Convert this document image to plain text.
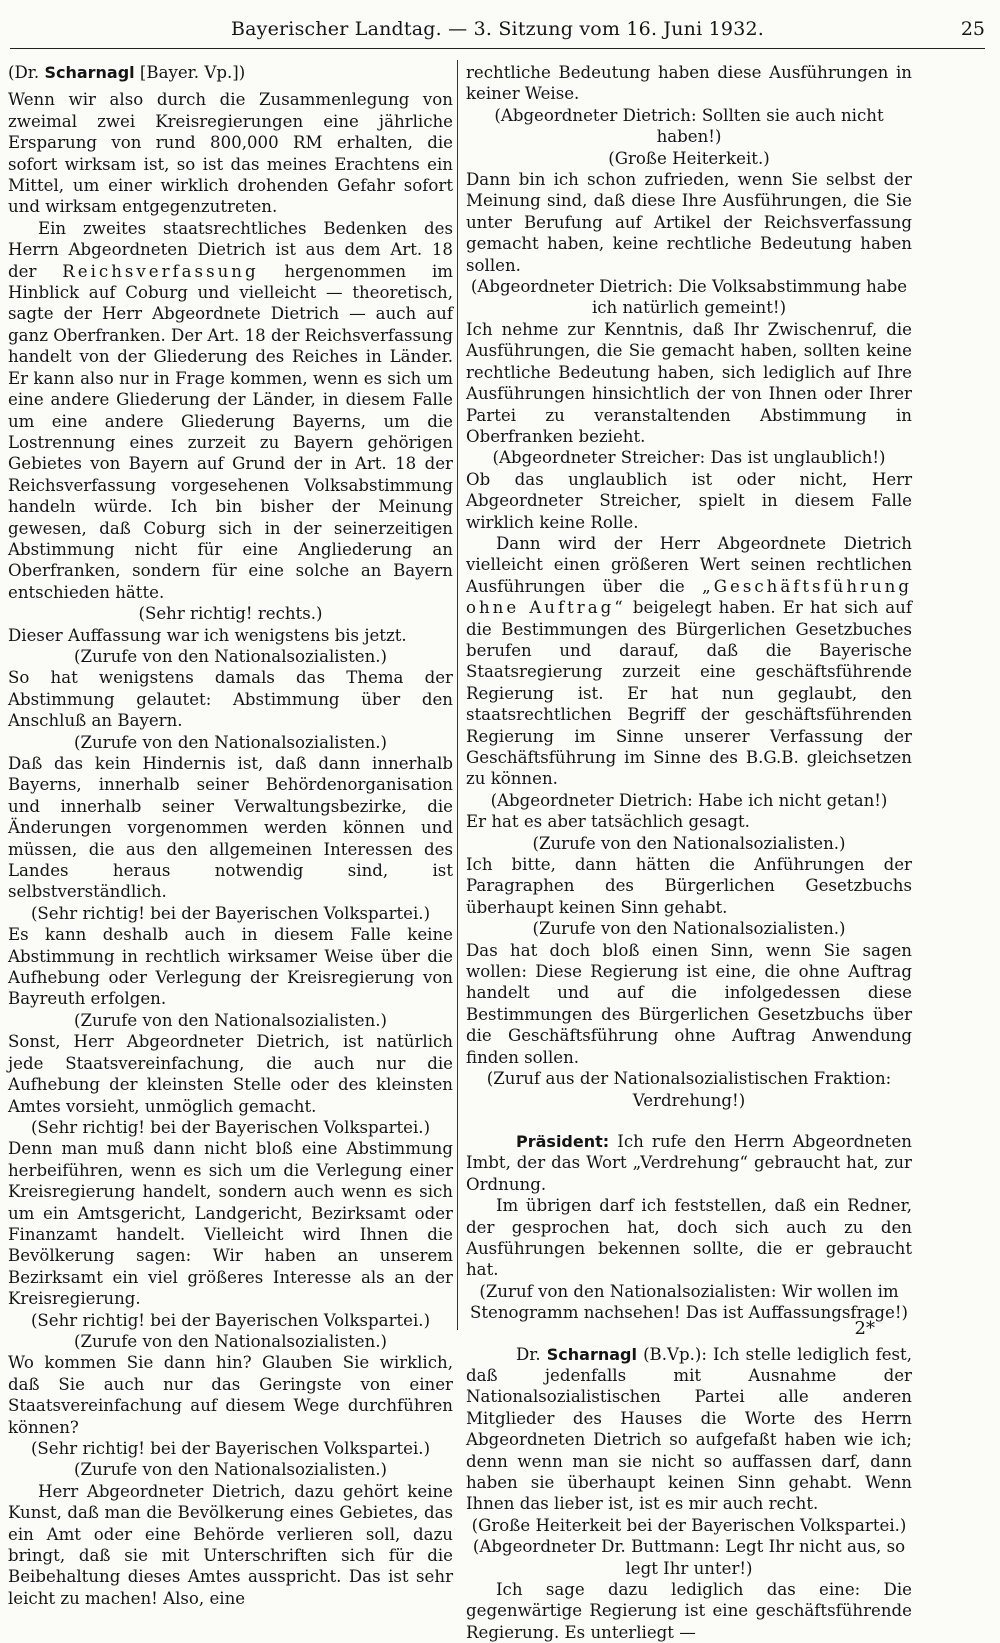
Bayerischer Landtag. — 3. Sitzung vom 16. Juni 1932.	25

(Dr. Scharnagl [Bayer. Vp.])

Wenn wir also durch die Zusammenlegung von zweimal zwei Kreisregierungen eine jährliche Ersparung von rund 800,000 RM erhalten, die sofort wirksam ist, so ist das meines Erachtens ein Mittel, um einer wirklich drohenden Gefahr sofort und wirksam entgegenzutreten.

Ein zweites staatsrechtliches Bedenken des Herrn Abgeordneten Dietrich ist aus dem Art. 18 der Reichsverfassung hergenommen im Hinblick auf Coburg und vielleicht — theoretisch, sagte der Herr Abgeordnete Dietrich — auch auf ganz Oberfranken. Der Art. 18 der Reichsverfassung handelt von der Gliederung des Reiches in Länder. Er kann also nur in Frage kommen, wenn es sich um eine andere Gliederung der Länder, in diesem Falle um eine andere Gliederung Bayerns, um die Lostrennung eines zurzeit zu Bayern gehörigen Gebietes von Bayern auf Grund der in Art. 18 der Reichsverfassung vorgesehenen Volksabstimmung handeln würde. Ich bin bisher der Meinung gewesen, daß Coburg sich in der seinerzeitigen Abstimmung nicht für eine Angliederung an Oberfranken, sondern für eine solche an Bayern entschieden hätte.

(Sehr richtig! rechts.)

Dieser Auffassung war ich wenigstens bis jetzt.

(Zurufe von den Nationalsozialisten.)

So hat wenigstens damals das Thema der Abstimmung gelautet: Abstimmung über den Anschluß an Bayern.

(Zurufe von den Nationalsozialisten.)

Daß das kein Hindernis ist, daß dann innerhalb Bayerns, innerhalb seiner Behördenorganisation und innerhalb seiner Verwaltungsbezirke, die Änderungen vorgenommen werden können und müssen, die aus den allgemeinen Interessen des Landes heraus notwendig sind, ist selbstverständlich.

(Sehr richtig! bei der Bayerischen Volkspartei.)

Es kann deshalb auch in diesem Falle keine Abstimmung in rechtlich wirksamer Weise über die Aufhebung oder Verlegung der Kreisregierung von Bayreuth erfolgen.

(Zurufe von den Nationalsozialisten.)

Sonst, Herr Abgeordneter Dietrich, ist natürlich jede Staatsvereinfachung, die auch nur die Aufhebung der kleinsten Stelle oder des kleinsten Amtes vorsieht, unmöglich gemacht.

(Sehr richtig! bei der Bayerischen Volkspartei.)

Denn man muß dann nicht bloß eine Abstimmung herbeiführen, wenn es sich um die Verlegung einer Kreisregierung handelt, sondern auch wenn es sich um ein Amtsgericht, Landgericht, Bezirksamt oder Finanzamt handelt. Vielleicht wird Ihnen die Bevölkerung sagen: Wir haben an unserem Bezirksamt ein viel größeres Interesse als an der Kreisregierung.

(Sehr richtig! bei der Bayerischen Volkspartei.)

(Zurufe von den Nationalsozialisten.)

Wo kommen Sie dann hin? Glauben Sie wirklich, daß Sie auch nur das Geringste von einer Staatsvereinfachung auf diesem Wege durchführen können?

(Sehr richtig! bei der Bayerischen Volkspartei.)

(Zurufe von den Nationalsozialisten.)

Herr Abgeordneter Dietrich, dazu gehört keine Kunst, daß man die Bevölkerung eines Gebietes, das ein Amt oder eine Behörde verlieren soll, dazu bringt, daß sie mit Unterschriften sich für die Beibehaltung dieses Amtes ausspricht. Das ist sehr leicht zu machen! Also, eine

rechtliche Bedeutung haben diese Ausführungen in keiner Weise.

(Abgeordneter Dietrich: Sollten sie auch nicht haben!)

(Große Heiterkeit.)

Dann bin ich schon zufrieden, wenn Sie selbst der Meinung sind, daß diese Ihre Ausführungen, die Sie unter Berufung auf Artikel der Reichsverfassung gemacht haben, keine rechtliche Bedeutung haben sollen.

(Abgeordneter Dietrich: Die Volksabstimmung habe ich natürlich gemeint!)

Ich nehme zur Kenntnis, daß Ihr Zwischenruf, die Ausführungen, die Sie gemacht haben, sollten keine rechtliche Bedeutung haben, sich lediglich auf Ihre Ausführungen hinsichtlich der von Ihnen oder Ihrer Partei zu veranstaltenden Abstimmung in Oberfranken bezieht.

(Abgeordneter Streicher: Das ist unglaublich!)

Ob das unglaublich ist oder nicht, Herr Abgeordneter Streicher, spielt in diesem Falle wirklich keine Rolle.

Dann wird der Herr Abgeordnete Dietrich vielleicht einen größeren Wert seinen rechtlichen Ausführungen über die „Geschäftsführung ohne Auftrag“ beigelegt haben. Er hat sich auf die Bestimmungen des Bürgerlichen Gesetzbuches berufen und darauf, daß die Bayerische Staatsregierung zurzeit eine geschäftsführende Regierung ist. Er hat nun geglaubt, den staatsrechtlichen Begriff der geschäftsführenden Regierung im Sinne unserer Verfassung der Geschäftsführung im Sinne des B.G.B. gleichsetzen zu können.

(Abgeordneter Dietrich: Habe ich nicht getan!)

Er hat es aber tatsächlich gesagt.

(Zurufe von den Nationalsozialisten.)

Ich bitte, dann hätten die Anführungen der Paragraphen des Bürgerlichen Gesetzbuchs überhaupt keinen Sinn gehabt.

(Zurufe von den Nationalsozialisten.)

Das hat doch bloß einen Sinn, wenn Sie sagen wollen: Diese Regierung ist eine, die ohne Auftrag handelt und auf die infolgedessen diese Bestimmungen des Bürgerlichen Gesetzbuchs über die Geschäftsführung ohne Auftrag Anwendung finden sollen.

(Zuruf aus der Nationalsozialistischen Fraktion: Verdrehung!)

Präsident: Ich rufe den Herrn Abgeordneten Imbt, der das Wort „Verdrehung“ gebraucht hat, zur Ordnung.

Im übrigen darf ich feststellen, daß ein Redner, der gesprochen hat, doch sich auch zu den Ausführungen bekennen sollte, die er gebraucht hat.

(Zuruf von den Nationalsozialisten: Wir wollen im Stenogramm nachsehen! Das ist Auffassungsfrage!)

Dr. Scharnagl (B.Vp.): Ich stelle lediglich fest, daß jedenfalls mit Ausnahme der Nationalsozialistischen Partei alle anderen Mitglieder des Hauses die Worte des Herrn Abgeordneten Dietrich so aufgefaßt haben wie ich; denn wenn man sie nicht so auffassen darf, dann haben sie überhaupt keinen Sinn gehabt. Wenn Ihnen das lieber ist, ist es mir auch recht.

(Große Heiterkeit bei der Bayerischen Volkspartei.)

(Abgeordneter Dr. Buttmann: Legt Ihr nicht aus, so legt Ihr unter!)

Ich sage dazu lediglich das eine: Die gegenwärtige Regierung ist eine geschäftsführende Regierung. Es unterliegt —

2*
